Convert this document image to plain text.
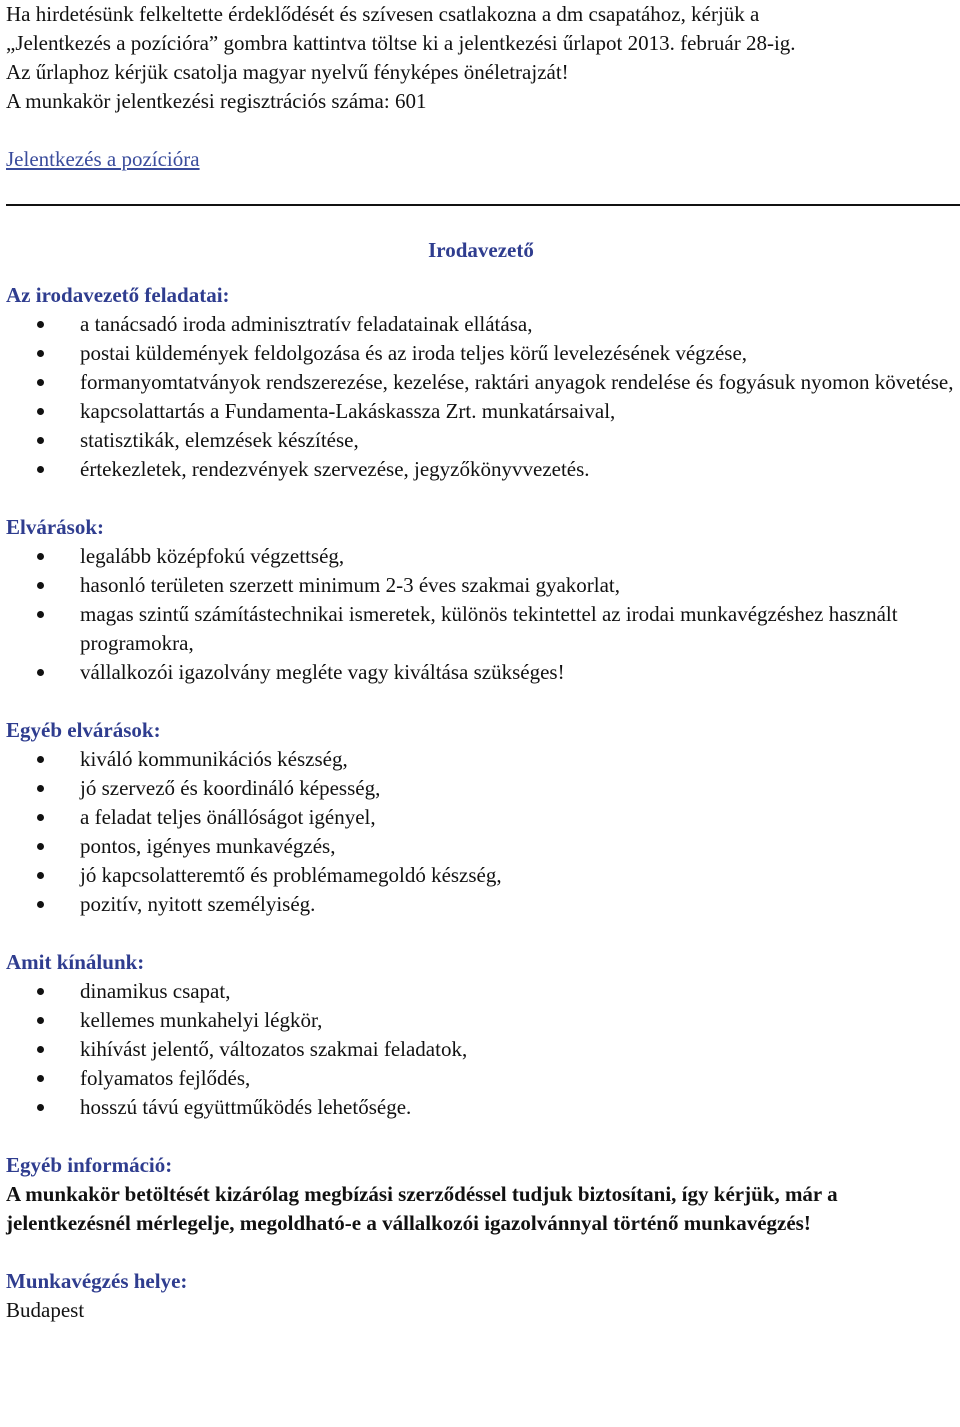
Ha hirdetésünk felkeltette érdeklődését és szívesen csatlakozna a dm csapatához, kérjük a

„Jelentkezés a pozícióra” gombra kattintva töltse ki a jelentkezési űrlapot 2013. február 28-ig.

Az űrlaphoz kérjük csatolja magyar nyelvű fényképes önéletrajzát!

A munkakör jelentkezési regisztrációs száma: 601

Jelentkezés a pozícióra
Irodavezető

Az irodavezető feladatai:

a tanácsadó iroda adminisztratív feladatainak ellátása,
postai küldemények feldolgozása és az iroda teljes körű levelezésének végzése,
formanyomtatványok rendszerezése, kezelése, raktári anyagok rendelése és fogyásuk nyomon követése,
kapcsolattartás a Fundamenta-Lakáskassza Zrt. munkatársaival,
statisztikák, elemzések készítése,
értekezletek, rendezvények szervezése, jegyzőkönyvvezetés.

Elvárások:

legalább középfokú végzettség,
hasonló területen szerzett minimum 2-3 éves szakmai gyakorlat,
magas szintű számítástechnikai ismeretek, különös tekintettel az irodai munkavégzéshez használt programokra,
vállalkozói igazolvány megléte vagy kiváltása szükséges!

Egyéb elvárások:

kiváló kommunikációs készség,
jó szervező és koordináló képesség,
a feladat teljes önállóságot igényel,
pontos, igényes munkavégzés,
jó kapcsolatteremtő és problémamegoldó készség,
pozitív, nyitott személyiség.

Amit kínálunk:

dinamikus csapat,
kellemes munkahelyi légkör,
kihívást jelentő, változatos szakmai feladatok,
folyamatos fejlődés,
hosszú távú együttműködés lehetősége.

Egyéb információ:

A munkakör betöltését kizárólag megbízási szerződéssel tudjuk biztosítani, így kérjük, már a jelentkezésnél mérlegelje, megoldható-e a vállalkozói igazolvánnyal történő munkavégzés!

Munkavégzés helye:

Budapest
